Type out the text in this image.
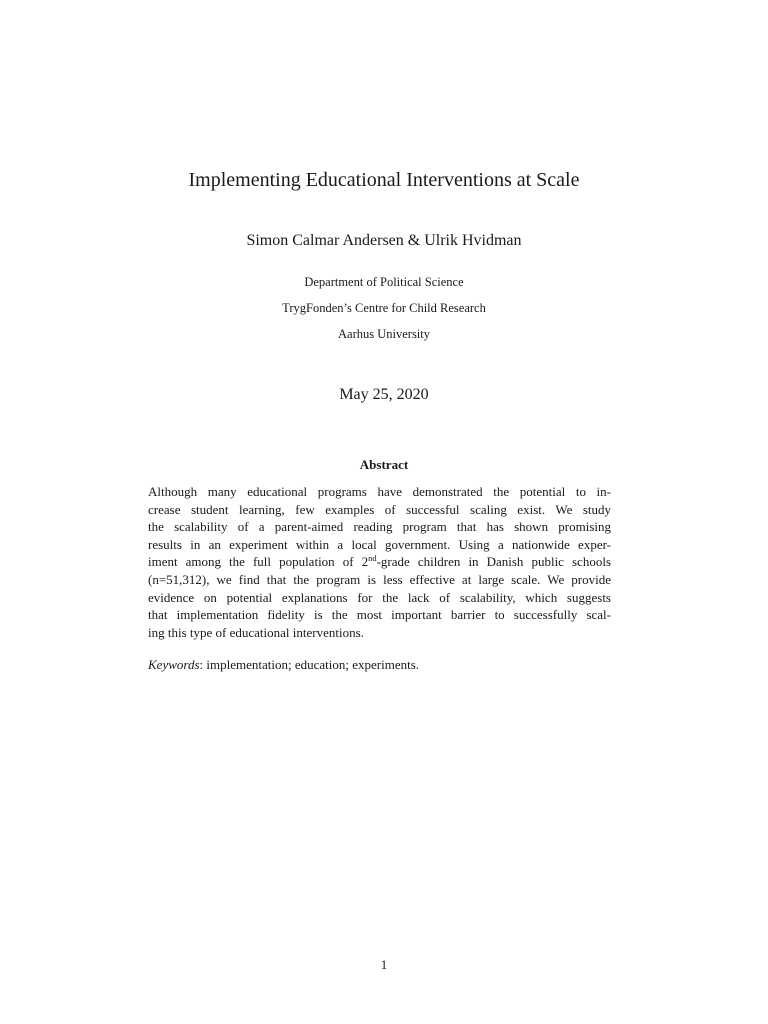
Implementing Educational Interventions at Scale
Simon Calmar Andersen & Ulrik Hvidman
Department of Political Science
TrygFonden’s Centre for Child Research
Aarhus University
May 25, 2020
Abstract
Although many educational programs have demonstrated the potential to in-
crease student learning, few examples of successful scaling exist. We study
the scalability of a parent-aimed reading program that has shown promising
results in an experiment within a local government. Using a nationwide exper-
iment among the full population of 2nd-grade children in Danish public schools
(n=51,312), we find that the program is less effective at large scale. We provide
evidence on potential explanations for the lack of scalability, which suggests
that implementation fidelity is the most important barrier to successfully scal-
ing this type of educational interventions.
Keywords: implementation; education; experiments.
1
